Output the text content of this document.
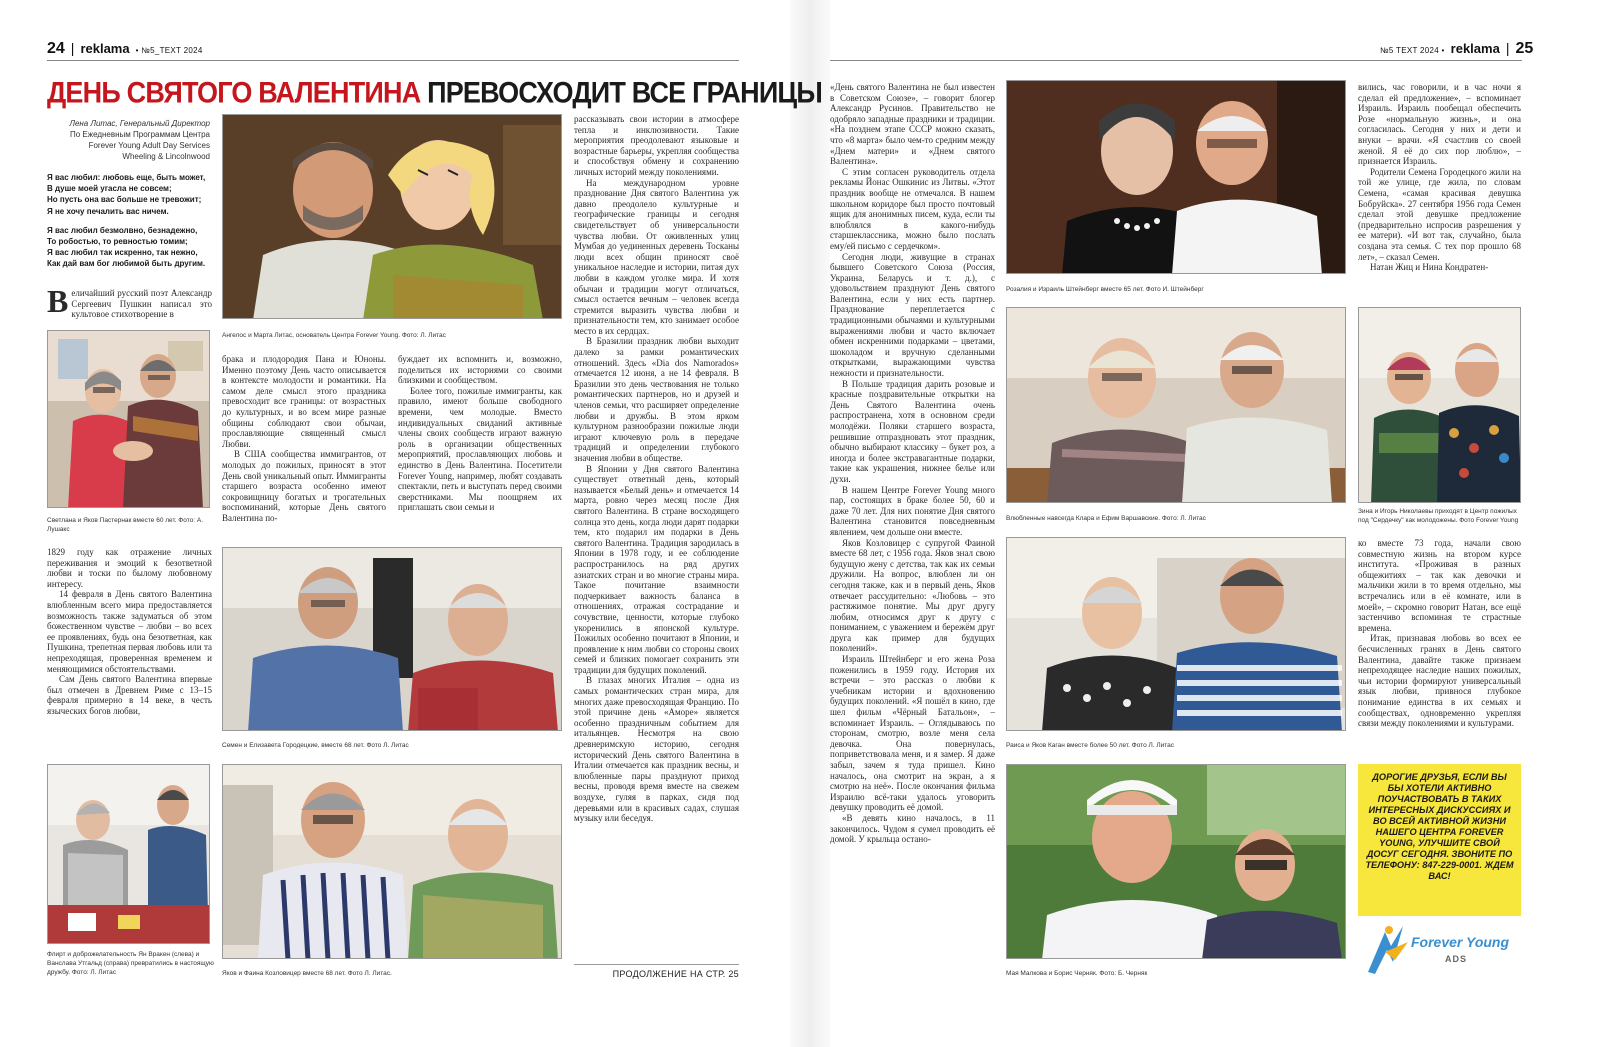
24 | reklama • №5_TEXT 2024	№5 TEXT 2024 • reklama | 25
ДЕНЬ СВЯТОГО ВАЛЕНТИНА ПРЕВОСХОДИТ ВСЕ ГРАНИЦЫ
Лена Литас, Генеральный Директор
По Ежедневным Программам Центра
Forever Young Adult Day Services
Wheeling & Lincolnwood
Я вас любил: любовь еще, быть может,
В душе моей угасла не совсем;
Но пусть она вас больше не тревожит;
Я не хочу печалить вас ничем.
Я вас любил безмолвно, безнадежно,
То робостью, то ревностью томим;
Я вас любил так искренно, так нежно,
Как дай вам бог любимой быть другим.
В еличайший русский поэт Александр Сергеевич Пушкин написал это культовое стихотворение в
Светлана и Яков Пастернак вместе 60 лет. Фото: А. Лушакс

1829 году как отражение личных переживания и эмоций к безответной любви и тоски по былому любовному интересу.

14 февраля в День святого Валентина влюбленным всего мира предоставляется возможность также задуматься об этом божественном чувстве – любви – во всех ее проявлениях, будь она безответная, как Пушкина, трепетная первая любовь или та непреходящая, проверенная временем и меняющимися обстоятельствами.

Сам День святого Валентина впервые был отмечен в Древнем Риме с 13–15 февраля примерно в 14 веке, в честь языческих богов любви,

Флирт и доброжелательность Ян Вракен (слева) и Ванслава Утгальд (справа) превратились в настоящую дружбу. Фото: Л. Литас
Ангелос и Марта Литас, основатель Центра Forever Young. Фото: Л. Литас

брака и плодородия Пана и Юноны. Именно поэтому День часто описывается в контексте молодости и романтики. На самом деле смысл этого праздника превосходит все границы: от возрастных до культурных, и во всем мире разные общины соблюдают свои обычаи, прославляющие священный смысл Любви.

В США сообщества иммигрантов, от молодых до пожилых, приносят в этот День свой уникальный опыт. Иммигранты старшего возраста особенно имеют сокровищницу богатых и трогательных воспоминаний, которые День святого Валентина по-

буждает их вспомнить и, возможно, поделиться их историями со своими близкими и сообществом.

Более того, пожилые иммигранты, как правило, имеют больше свободного времени, чем молодые. Вместо индивидуальных свиданий активные члены своих сообществ играют важную роль в организации общественных мероприятий, прославляющих любовь и единство в День Валентина. Посетители Forever Young, например, любят создавать спектакли, петь и выступать перед своими сверстниками. Мы поощряем их приглашать свои семьи и

Семен и Елизавета Городецкие, вместе 68 лет. Фото Л. Литас
Яков и Фаина Козловицер вместе 68 лет. Фото Л. Литас.

рассказывать свои истории в атмосфере тепла и инклюзивности. Такие мероприятия преодолевают языковые и возрастные барьеры, укрепляя сообщества и способствуя обмену и сохранению личных историй между поколениями.

На международном уровне празднование Дня святого Валентина уж давно преодолело культурные и географические границы и сегодня свидетельствует об универсальности чувства любви. От оживленных улиц Мумбая до уединенных деревень Тосканы люди всех общин приносят своё уникальное наследие и истории, питая дух любви в каждом уголке мира. И хотя обычаи и традиции могут отличаться, смысл остается вечным – человек всегда стремится выразить чувства любви и признательности тем, кто занимает особое место в их сердцах.

В Бразилии праздник любви выходит далеко за рамки романтических отношений. Здесь «Dia dos Namorados» отмечается 12 июня, а не 14 февраля. В Бразилии это день чествования не только романтических партнеров, но и друзей и членов семьи, что расширяет определение любви и дружбы. В этом ярком культурном разнообразии пожилые люди играют ключевую роль в передаче традиций и определении глубокого значения любви в обществе.

В Японии у Дня святого Валентина существует ответный день, который называется «Белый день» и отмечается 14 марта, ровно через месяц после Дня святого Валентина. В стране восходящего солнца это день, когда люди дарят подарки тем, кто подарил им подарки в День святого Валентина. Традиция зародилась в Японии в 1978 году, и ее соблюдение распространилось на ряд других азиатских стран и во многие страны мира. Такое почитание взаимности подчеркивает важность баланса в отношениях, отражая сострадание и сочувствие, ценности, которые глубоко укоренились в японской культуре. Пожилых особенно почитают в Японии, и проявление к ним любви со стороны своих семей и близких помогает сохранить эти традиции для будущих поколений.

В глазах многих Италия – одна из самых романтических стран мира, для многих даже превосходящая Францию. По этой причине день «Аморе» является особенно праздничным событием для итальянцев. Несмотря на свою древнеримскую историю, сегодня исторический День святого Валентина в Италии отмечается как праздник весны, и влюбленные пары празднуют приход весны, проводя время вместе на свежем воздухе, гуляя в парках, сидя под деревьями или в красивых садах, слушая музыку или беседуя.

ПРОДОЛЖЕНИЕ НА СТР. 25

«День святого Валентина не был известен в Советском Союзе», – говорит блогер Александр Русинов. Правительство не одобряло западные праздники и традиции. «На позднем этапе СССР можно сказать, что «8 марта» было чем-то средним между «Днем матери» и «Днем святого Валентина».

С этим согласен руководитель отдела рекламы Йонас Ошкинис из Литвы. «Этот праздник вообще не отмечался. В нашем школьном коридоре был просто почтовый ящик для анонимных писем, куда, если ты влюблялся в какого-нибудь старшеклассника, можно было послать ему/ей письмо с сердечком».

Сегодня люди, живущие в странах бывшего Советского Союза (Россия, Украина, Беларусь и т. д.), с удовольствием празднуют День святого Валентина, если у них есть партнер. Празднование переплетается с традиционными обычаями и культурными выражениями любви и часто включает обмен искренними подарками – цветами, шоколадом и вручную сделанными открытками, выражающими чувства нежности и признательности.

В Польше традиция дарить розовые и красные поздравительные открытки на День Святого Валентина очень распространена, хотя в основном среди молодёжи. Поляки старшего возраста, решившие отпраздновать этот праздник, обычно выбирают классику – букет роз, а иногда и более экстравагантные подарки, такие как украшения, нижнее белье или духи.

В нашем Центре Forever Young много пар, состоящих в браке более 50, 60 и даже 70 лет. Для них понятие Дня святого Валентина становится повседневным явлением, чем дольше они вместе.

Яков Козловицер с супругой Фаиной вместе 68 лет, с 1956 года. Яков знал свою будущую жену с детства, так как их семьи дружили. На вопрос, влюблен ли он сегодня также, как и в первый день, Яков отвечает рассудительно: «Любовь – это растяжимое понятие. Мы друг другу любим, относимся друг к другу с пониманием, с уважением и бережём друг друга как пример для будущих поколений».

Израиль Штейнберг и его жена Роза поженились в 1959 году. История их встречи – это рассказ о любви к учебникам истории и вдохновению будущих поколений. «Я пошёл в кино, где шел фильм «Чёрный Батальон», – вспоминает Израиль. – Оглядываюсь по сторонам, смотрю, возле меня села девочка. Она повернулась, поприветствовала меня, и я замер. Я даже забыл, зачем я туда пришел. Кино началось, она смотрит на экран, а я смотрю на неё». После окончания фильма Израилю всё-таки удалось уговорить девушку проводить её домой.

«В девять кино началось, в 11 закончилось. Чудом я сумел проводить её домой. У крыльца остано-

Розалия и Израиль Штейнберг вместе 65 лет. Фото И. Штейнберг
Влюбленные навсегда Клара и Ефим Варшавские. Фото: Л. Литас
Раиса и Яков Каган вместе более 50 лет. Фото Л. Литас
Мая Малкова и Борис Черняк. Фото: Б. Черняк

вились, час говорили, и в час ночи я сделал ей предложение», – вспоминает Израиль. Израиль пообещал обеспечить Розе «нормальную жизнь», и она согласилась. Сегодня у них и дети и внуки – врачи. «Я счастлив со своей женой. Я её до сих пор люблю», – признается Израиль.

Родители Семена Городецкого жили на той же улице, где жила, по словам Семена, «самая красивая девушка Бобруйска». 27 сентября 1956 года Семен сделал этой девушке предложение (предварительно испросив разрешения у ее матери). «И вот так, случайно, была создана эта семья. С тех пор прошло 68 лет», – сказал Семен.

Натан Жиц и Нина Кондратен-

Зина и Игорь Николаевы приходят в Центр пожилых под "Сердечку" как молодожены. Фото Forever Young

ко вместе 73 года, начали свою совместную жизнь на втором курсе института. «Проживая в разных общежитиях – так как девочки и мальчики жили в то время отдельно, мы встречались или в её комнате, или в моей», – скромно говорит Натан, все ещё застенчиво вспоминая те страстные времена.

Итак, признавая любовь во всех ее бесчисленных гранях в День святого Валентина, давайте также признаем непреходящее наследие наших пожилых, чьи истории формируют универсальный язык любви, привнося глубокое понимание единства в их семьях и сообществах, одновременно укрепляя связи между поколениями и культурами.

ДОРОГИЕ ДРУЗЬЯ, ЕСЛИ ВЫ БЫ ХОТЕЛИ АКТИВНО ПОУЧАСТВОВАТЬ В ТАКИХ ИНТЕРЕСНЫХ ДИСКУССИЯХ И ВО ВСЕЙ АКТИВНОЙ ЖИЗНИ НАШЕГО ЦЕНТРА FOREVER YOUNG, УЛУЧШИТЕ СВОЙ ДОСУГ СЕГОДНЯ. ЗВОНИТЕ ПО ТЕЛЕФОНУ: 847-229-0001. ЖДЕМ ВАС!
Forever Young
ADS
